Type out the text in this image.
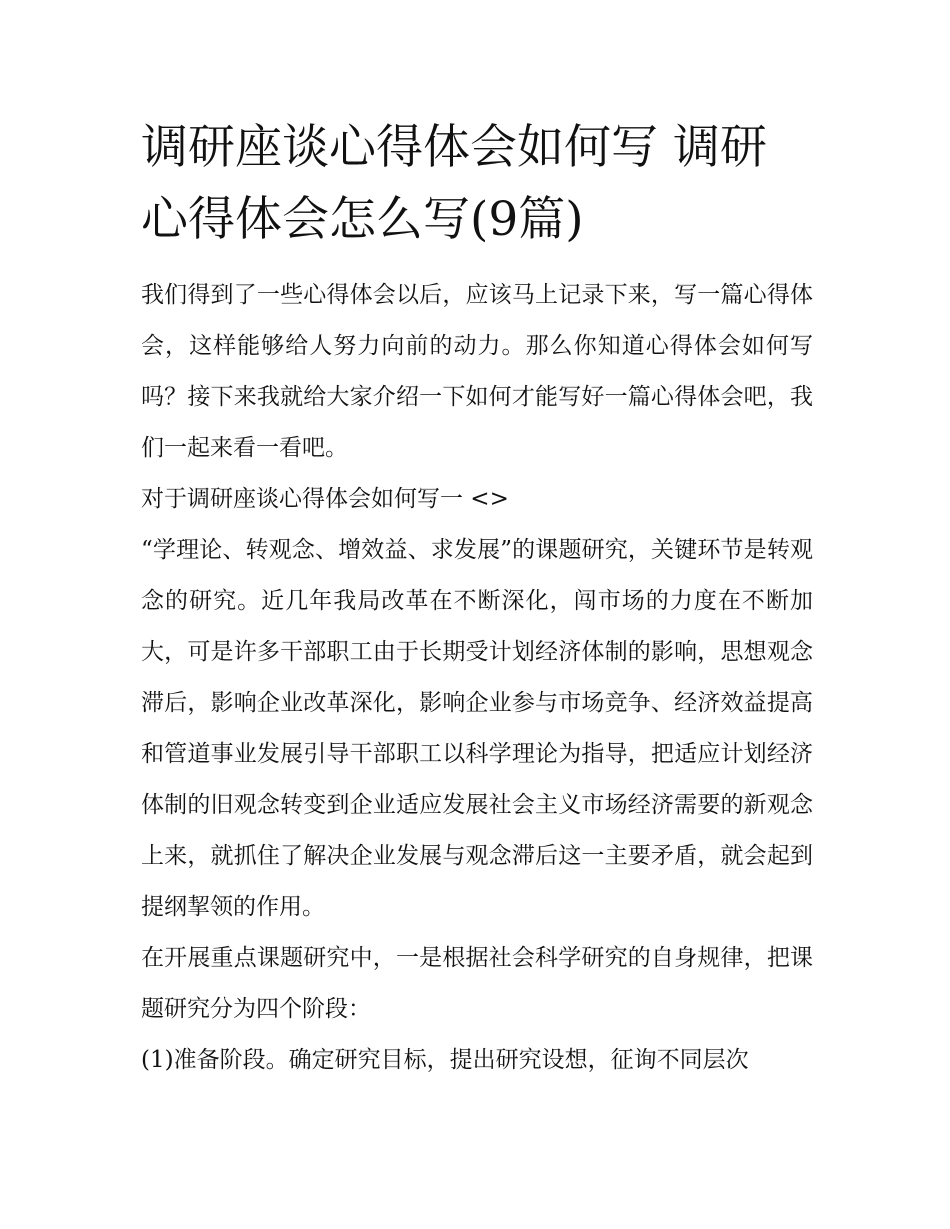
调研座谈心得体会如何写 调研心得体会怎么写(9篇)

我们得到了一些心得体会以后，应该马上记录下来，写一篇心得体会，这样能够给人努力向前的动力。那么你知道心得体会如何写吗？接下来我就给大家介绍一下如何才能写好一篇心得体会吧，我们一起来看一看吧。

对于调研座谈心得体会如何写一 <>

“学理论、转观念、增效益、求发展”的课题研究，关键环节是转观念的研究。近几年我局改革在不断深化，闯市场的力度在不断加大，可是许多干部职工由于长期受计划经济体制的影响，思想观念滞后，影响企业改革深化，影响企业参与市场竞争、经济效益提高和管道事业发展引导干部职工以科学理论为指导，把适应计划经济体制的旧观念转变到企业适应发展社会主义市场经济需要的新观念上来，就抓住了解决企业发展与观念滞后这一主要矛盾，就会起到提纲挈领的作用。

在开展重点课题研究中，一是根据社会科学研究的自身规律，把课题研究分为四个阶段：

(1)准备阶段。确定研究目标，提出研究设想，征询不同层次
